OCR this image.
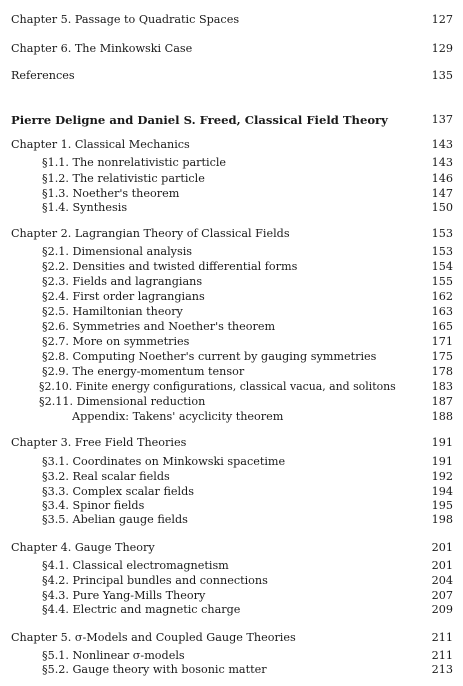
Chapter 5. Passage to Quadratic Spaces	127
Chapter 6. The Minkowski Case	129
References	135
Pierre Deligne and Daniel S. Freed, Classical Field Theory	137
Chapter 1. Classical Mechanics	143
§1.1. The nonrelativistic particle	143
§1.2. The relativistic particle	146
§1.3. Noether's theorem	147
§1.4. Synthesis	150
Chapter 2. Lagrangian Theory of Classical Fields	153
§2.1. Dimensional analysis	153
§2.2. Densities and twisted differential forms	154
§2.3. Fields and lagrangians	155
§2.4. First order lagrangians	162
§2.5. Hamiltonian theory	163
§2.6. Symmetries and Noether's theorem	165
§2.7. More on symmetries	171
§2.8. Computing Noether's current by gauging symmetries	175
§2.9. The energy-momentum tensor	178
§2.10. Finite energy configurations, classical vacua, and solitons	183
§2.11. Dimensional reduction	187
Appendix: Takens' acyclicity theorem	188
Chapter 3. Free Field Theories	191
§3.1. Coordinates on Minkowski spacetime	191
§3.2. Real scalar fields	192
§3.3. Complex scalar fields	194
§3.4. Spinor fields	195
§3.5. Abelian gauge fields	198
Chapter 4. Gauge Theory	201
§4.1. Classical electromagnetism	201
§4.2. Principal bundles and connections	204
§4.3. Pure Yang-Mills Theory	207
§4.4. Electric and magnetic charge	209
Chapter 5. σ-Models and Coupled Gauge Theories	211
§5.1. Nonlinear σ-models	211
§5.2. Gauge theory with bosonic matter	213
